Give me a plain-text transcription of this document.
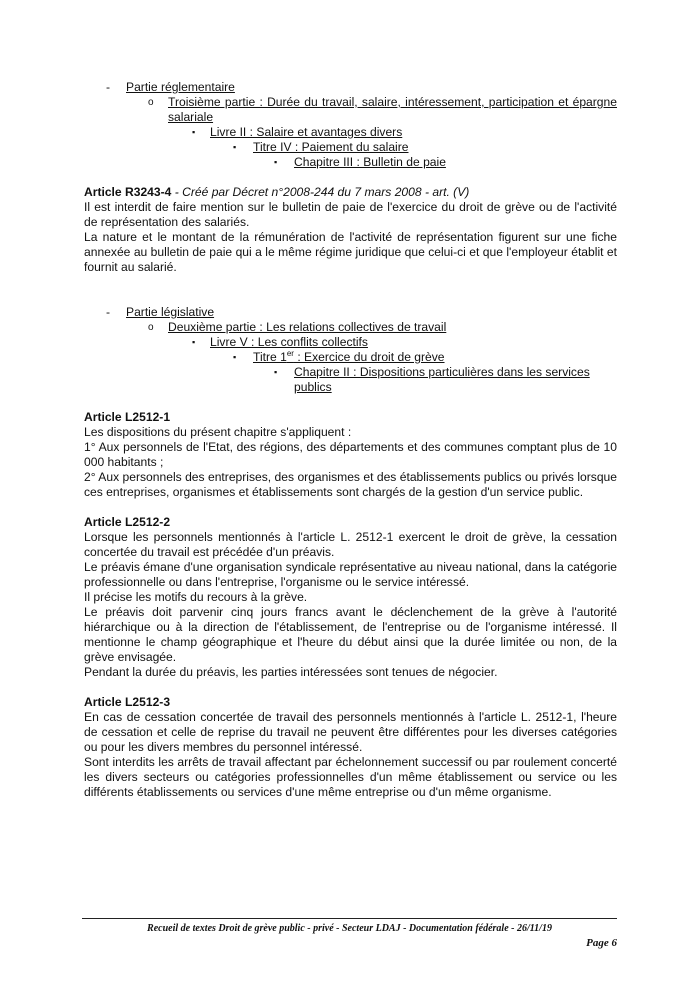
- Partie réglementaire
o Troisième partie : Durée du travail, salaire, intéressement, participation et épargne salariale
▪ Livre II : Salaire et avantages divers
▪ Titre IV : Paiement du salaire
▪ Chapitre III : Bulletin de paie
Article R3243-4 - Créé par Décret n°2008-244 du 7 mars 2008 - art. (V)
Il est interdit de faire mention sur le bulletin de paie de l'exercice du droit de grève ou de l'activité de représentation des salariés.
La nature et le montant de la rémunération de l'activité de représentation figurent sur une fiche annexée au bulletin de paie qui a le même régime juridique que celui-ci et que l'employeur établit et fournit au salarié.
- Partie législative
o Deuxième partie : Les relations collectives de travail
▪ Livre V : Les conflits collectifs
▪ Titre 1er : Exercice du droit de grève
▪ Chapitre II : Dispositions particulières dans les services publics
Article L2512-1
Les dispositions du présent chapitre s'appliquent :
1° Aux personnels de l'Etat, des régions, des départements et des communes comptant plus de 10 000 habitants ;
2° Aux personnels des entreprises, des organismes et des établissements publics ou privés lorsque ces entreprises, organismes et établissements sont chargés de la gestion d'un service public.
Article L2512-2
Lorsque les personnels mentionnés à l'article L. 2512-1 exercent le droit de grève, la cessation concertée du travail est précédée d'un préavis.
Le préavis émane d'une organisation syndicale représentative au niveau national, dans la catégorie professionnelle ou dans l'entreprise, l'organisme ou le service intéressé.
Il précise les motifs du recours à la grève.
Le préavis doit parvenir cinq jours francs avant le déclenchement de la grève à l'autorité hiérarchique ou à la direction de l'établissement, de l'entreprise ou de l'organisme intéressé. Il mentionne le champ géographique et l'heure du début ainsi que la durée limitée ou non, de la grève envisagée.
Pendant la durée du préavis, les parties intéressées sont tenues de négocier.
Article L2512-3
En cas de cessation concertée de travail des personnels mentionnés à l'article L. 2512-1, l'heure de cessation et celle de reprise du travail ne peuvent être différentes pour les diverses catégories ou pour les divers membres du personnel intéressé.
Sont interdits les arrêts de travail affectant par échelonnement successif ou par roulement concerté les divers secteurs ou catégories professionnelles d'un même établissement ou service ou les différents établissements ou services d'une même entreprise ou d'un même organisme.
Recueil de textes Droit de grève public - privé - Secteur LDAJ - Documentation fédérale - 26/11/19
Page 6
